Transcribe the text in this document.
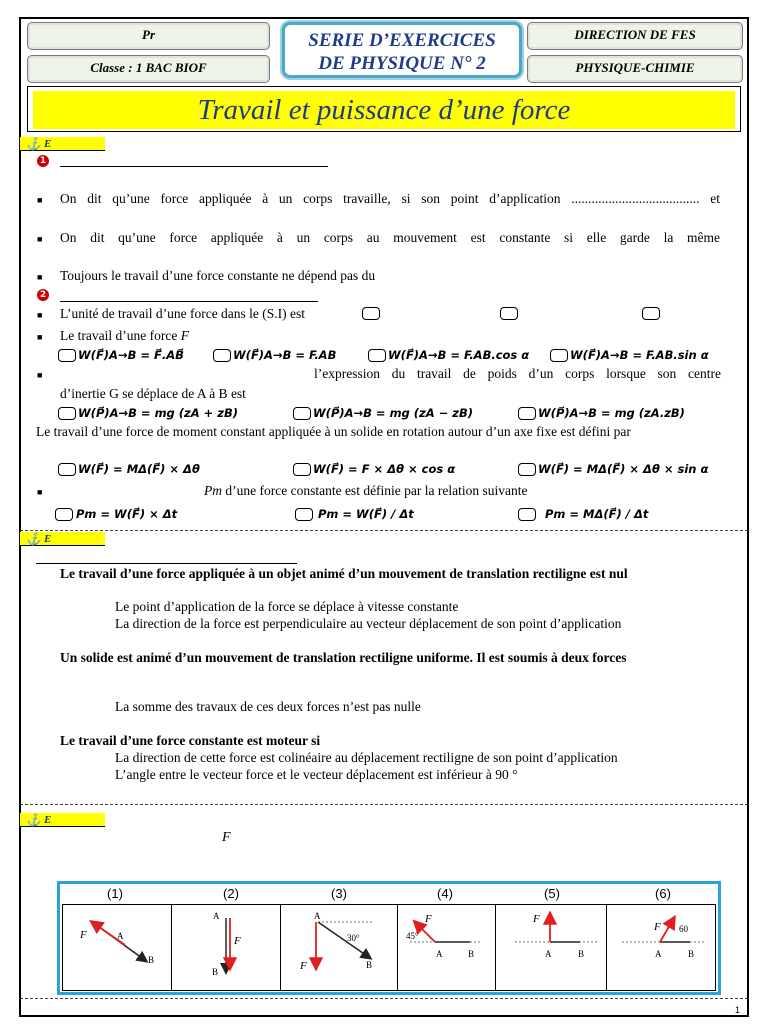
Pr
Classe : 1 BAC BIOF
SERIE D’EXERCICES
DE PHYSIQUE N° 2
DIRECTION DE FES
PHYSIQUE-CHIMIE
Travail et puissance d’une force
⚓ E
1
■ On dit qu’une force appliquée à un corps travaille, si son point d’application ...................................... et
■ On dit qu’une force appliquée à un corps au mouvement est constante si elle garde la même
■ Toujours le travail d’une force constante ne dépend pas du
2
■ L’unité de travail d’une force dans le (S.I) est
■ Le travail d’une force F⃗
W(F⃗)A→B = F⃗.AB⃗	W(F⃗)A→B = F.AB	W(F⃗)A→B = F.AB.cos α	W(F⃗)A→B = F.AB.sin α
■	l’expression du travail de poids d’un corps lorsque son centre
d’inertie G se déplace de A à B est
W(P⃗)A→B = mg (zA + zB)	W(P⃗)A→B = mg (zA − zB)	W(P⃗)A→B = mg (zA.zB)
Le travail d’une force de moment constant appliquée à un solide en rotation autour d’un axe fixe est défini par
W(F⃗) = MΔ(F⃗) × Δθ	W(F⃗) = F × Δθ × cos α	W(F⃗) = MΔ(F⃗) × Δθ × sin α
■	Pm d’une force constante est définie par la relation suivante
Pm = W(F⃗) × Δt	Pm = W(F⃗) / Δt	Pm = MΔ(F⃗) / Δt
⚓ E
Le travail d’une force appliquée à un objet animé d’un mouvement de translation rectiligne est nul
Le point d’application de la force se déplace à vitesse constante
La direction de la force est perpendiculaire au vecteur déplacement de son point d’application
Un solide est animé d’un mouvement de translation rectiligne uniforme. Il est soumis à deux forces
La somme des travaux de ces deux forces n’est pas nulle
Le travail d’une force constante est moteur si
La direction de cette force est colinéaire au déplacement rectiligne de son point d’application
L’angle entre le vecteur force et le vecteur déplacement est inférieur à 90 °
⚓ E
F⃗
(1)	(2)	(3)	(4)	(5)	(6)
A
B
F
A
B
F
A
B
30°
F
A	B
45°
F
A	B
F
A	B
60
F
1
